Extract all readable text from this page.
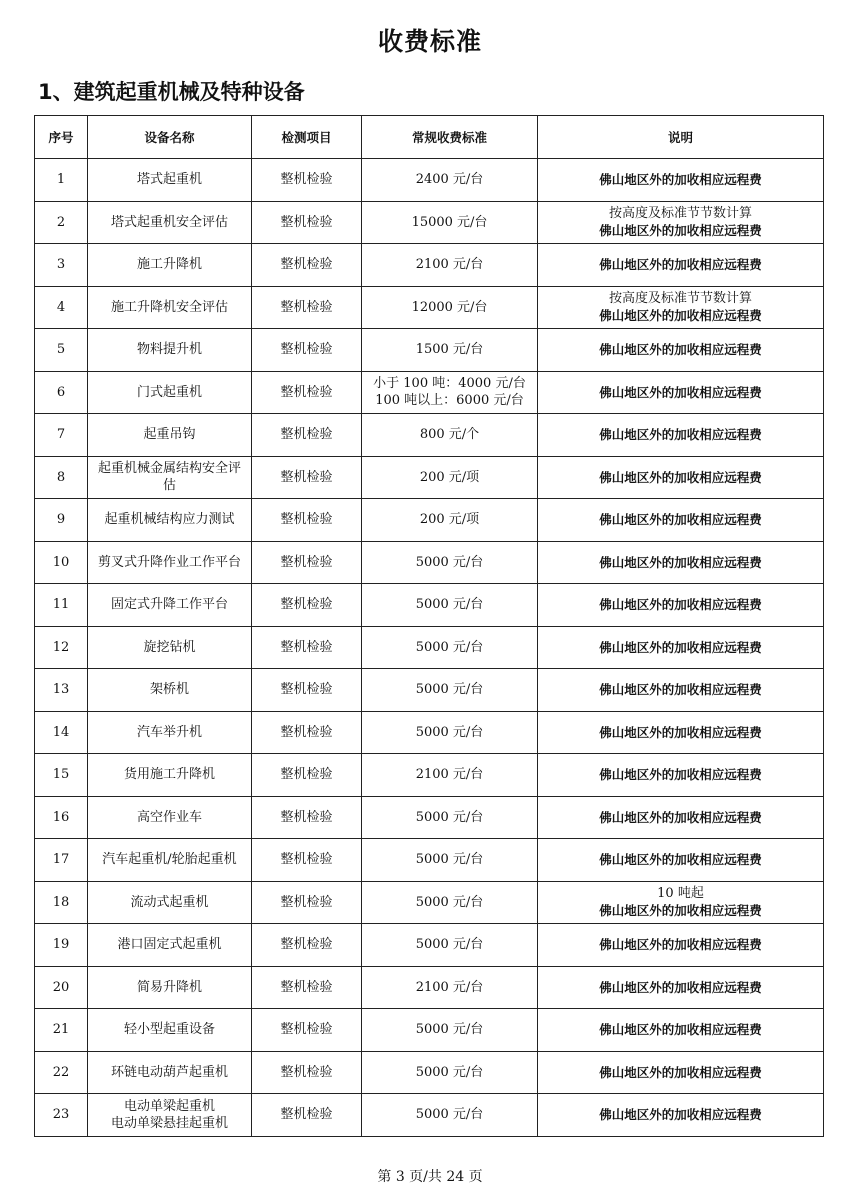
收费标准
1、建筑起重机械及特种设备
序号	设备名称	检测项目	常规收费标准	说明
1	塔式起重机	整机检验	2400 元/台	佛山地区外的加收相应远程费

2	塔式起重机安全评估	整机检验	15000 元/台	按高度及标准节节数计算
佛山地区外的加收相应远程费

3	施工升降机	整机检验	2100 元/台	佛山地区外的加收相应远程费

4	施工升降机安全评估	整机检验	12000 元/台	按高度及标准节节数计算
佛山地区外的加收相应远程费

5	物料提升机	整机检验	1500 元/台	佛山地区外的加收相应远程费

6	门式起重机	整机检验	小于 100 吨：4000 元/台
100 吨以上：6000 元/台	佛山地区外的加收相应远程费

7	起重吊钩	整机检验	800 元/个	佛山地区外的加收相应远程费

8	起重机械金属结构安全评估	整机检验	200 元/项	佛山地区外的加收相应远程费

9	起重机械结构应力测试	整机检验	200 元/项	佛山地区外的加收相应远程费

10	剪叉式升降作业工作平台	整机检验	5000 元/台	佛山地区外的加收相应远程费

11	固定式升降工作平台	整机检验	5000 元/台	佛山地区外的加收相应远程费

12	旋挖钻机	整机检验	5000 元/台	佛山地区外的加收相应远程费

13	架桥机	整机检验	5000 元/台	佛山地区外的加收相应远程费

14	汽车举升机	整机检验	5000 元/台	佛山地区外的加收相应远程费

15	货用施工升降机	整机检验	2100 元/台	佛山地区外的加收相应远程费

16	高空作业车	整机检验	5000 元/台	佛山地区外的加收相应远程费

17	汽车起重机/轮胎起重机	整机检验	5000 元/台	佛山地区外的加收相应远程费

18	流动式起重机	整机检验	5000 元/台	10 吨起
佛山地区外的加收相应远程费

19	港口固定式起重机	整机检验	5000 元/台	佛山地区外的加收相应远程费

20	简易升降机	整机检验	2100 元/台	佛山地区外的加收相应远程费

21	轻小型起重设备	整机检验	5000 元/台	佛山地区外的加收相应远程费

22	环链电动葫芦起重机	整机检验	5000 元/台	佛山地区外的加收相应远程费

23	电动单梁起重机
电动单梁悬挂起重机	整机检验	5000 元/台	佛山地区外的加收相应远程费
第 3 页/共 24 页
